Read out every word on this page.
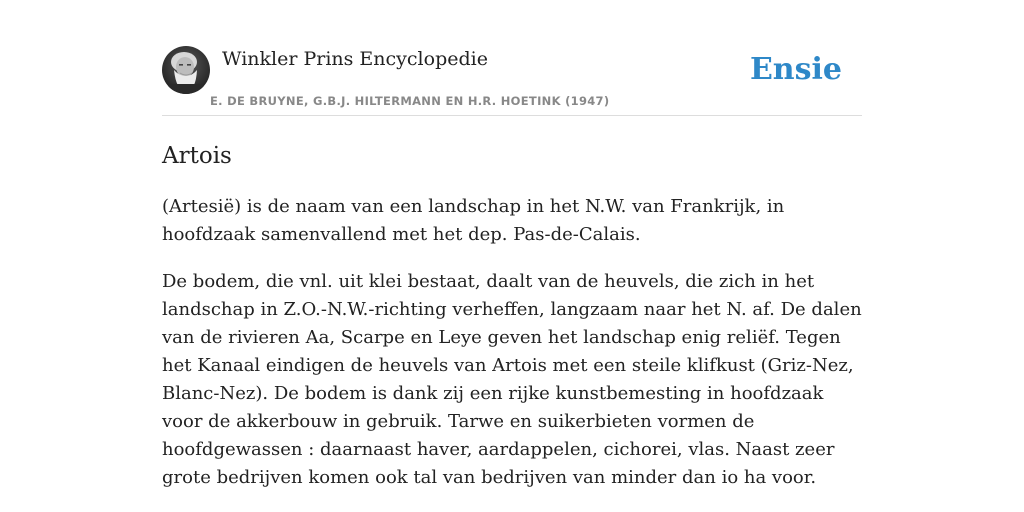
Winkler Prins Encyclopedie
E. DE BRUYNE, G.B.J. HILTERMANN EN H.R. HOETINK (1947)
Ensie
Artois

(Artesië) is de naam van een landschap in het N.W. van Frankrijk, in hoofdzaak samenvallend met het dep. Pas-de-Calais.

De bodem, die vnl. uit klei bestaat, daalt van de heuvels, die zich in het landschap in Z.O.-N.W.-richting verheffen, langzaam naar het N. af. De dalen van de rivieren Aa, Scarpe en Leye geven het landschap enig reliëf. Tegen het Kanaal eindigen de heuvels van Artois met een steile klifkust (Griz-Nez, Blanc-Nez). De bodem is dank zij een rijke kunstbemesting in hoofdzaak voor de akkerbouw in gebruik. Tarwe en suikerbieten vormen de hoofdgewassen : daarnaast haver, aardappelen, cichorei, vlas. Naast zeer grote bedrijven komen ook tal van bedrijven van minder dan io ha voor.
